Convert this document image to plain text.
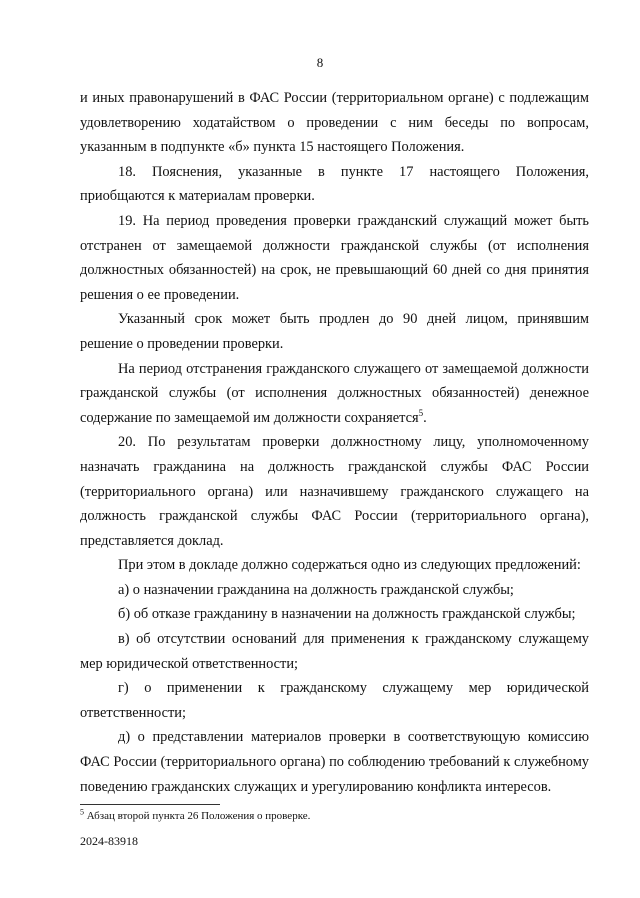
8

и иных правонарушений в ФАС России (территориальном органе) с подлежащим удовлетворению ходатайством о проведении с ним беседы по вопросам, указанным в подпункте «б» пункта 15 настоящего Положения.

18. Пояснения, указанные в пункте 17 настоящего Положения, приобщаются к материалам проверки.

19. На период проведения проверки гражданский служащий может быть отстранен от замещаемой должности гражданской службы (от исполнения должностных обязанностей) на срок, не превышающий 60 дней со дня принятия решения о ее проведении.

Указанный срок может быть продлен до 90 дней лицом, принявшим решение о проведении проверки.

На период отстранения гражданского служащего от замещаемой должности гражданской службы (от исполнения должностных обязанностей) денежное содержание по замещаемой им должности сохраняется$^5$.

20. По результатам проверки должностному лицу, уполномоченному назначать гражданина на должность гражданской службы ФАС России (территориального органа) или назначившему гражданского служащего на должность гражданской службы ФАС России (территориального органа), представляется доклад.

При этом в докладе должно содержаться одно из следующих предложений:

а) о назначении гражданина на должность гражданской службы;

б) об отказе гражданину в назначении на должность гражданской службы;

в) об отсутствии оснований для применения к гражданскому служащему мер юридической ответственности;

г) о применении к гражданскому служащему мер юридической ответственности;

д) о представлении материалов проверки в соответствующую комиссию ФАС России (территориального органа) по соблюдению требований к служебному поведению гражданских служащих и урегулированию конфликта интересов.

$^5$ Абзац второй пункта 26 Положения о проверке.
2024-83918
